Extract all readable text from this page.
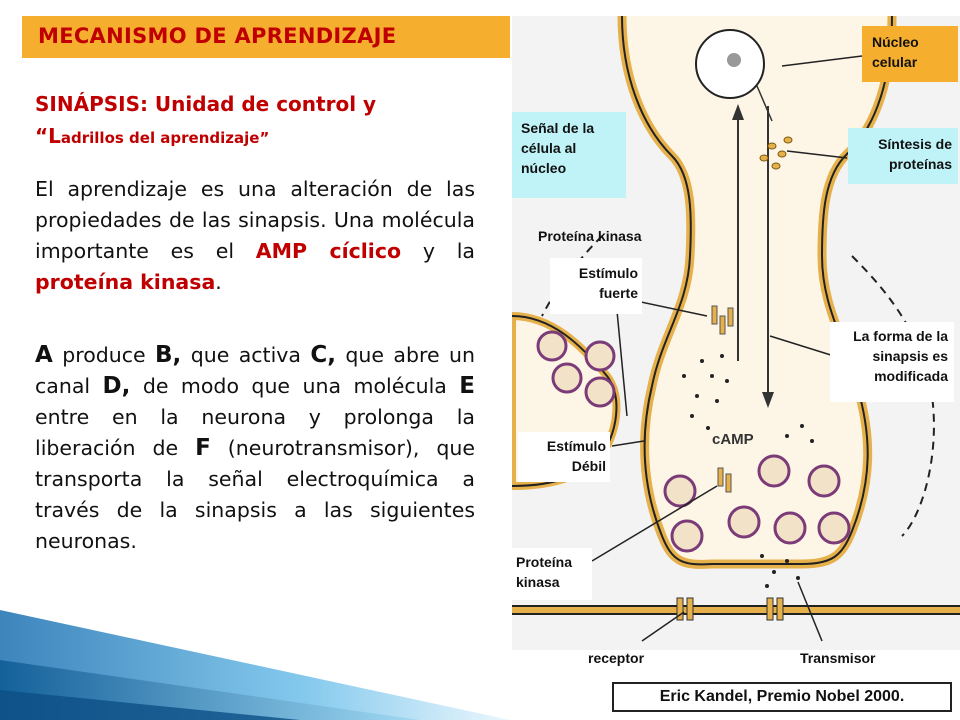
MECANISMO DE APRENDIZAJE
SINÁPSIS: Unidad de control y
“Ladrillos del aprendizaje”
El aprendizaje es una alteración de las propiedades de las sinapsis. Una molécula importante es el AMP cíclico y la proteína kinasa.
A produce B, que activa C, que abre un canal D, de modo que una molécula E entre en la neurona y prolonga la liberación de F (neurotransmisor), que transporta la señal electroquímica a través de la sinapsis a las siguientes neuronas.
cAMP
Núcleo celular
Señal de la célula al núcleo
Síntesis de proteínas
Proteína kinasa
Estímulo fuerte
La forma de la sinapsis es modificada
Estímulo Débil
Proteína kinasa
receptor	Transmisor
Eric Kandel, Premio Nobel 2000.
